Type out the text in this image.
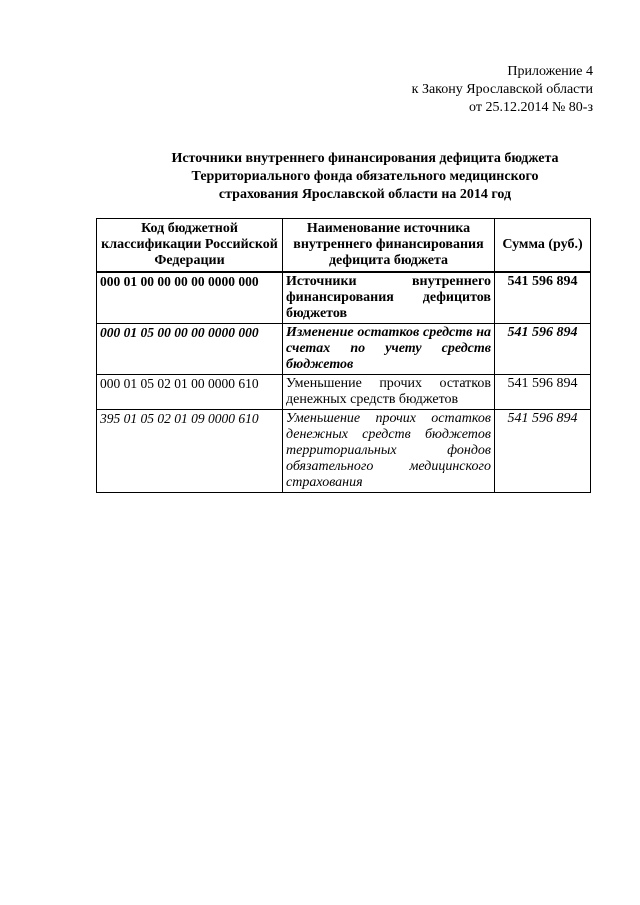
Приложение 4
к Закону Ярославской области
от 25.12.2014 № 80-з
Источники внутреннего финансирования дефицита бюджета
Территориального фонда обязательного медицинского
страхования Ярославской области на 2014 год
Код бюджетной классификации Российской Федерации	Наименование источника внутреннего финансирования дефицита бюджета	Сумма (руб.)
000 01 00 00 00 00 0000 000	Источники внутреннего финансирования дефицитов бюджетов	541 596 894
000 01 05 00 00 00 0000 000	Изменение остатков средств на счетах по учету средств бюджетов	541 596 894
000 01 05 02 01 00 0000 610	Уменьшение прочих остатков денежных средств бюджетов	541 596 894
395 01 05 02 01 09 0000 610	Уменьшение прочих остатков денежных средств бюджетов территориальных фондов обязательного медицинского страхования	541 596 894
